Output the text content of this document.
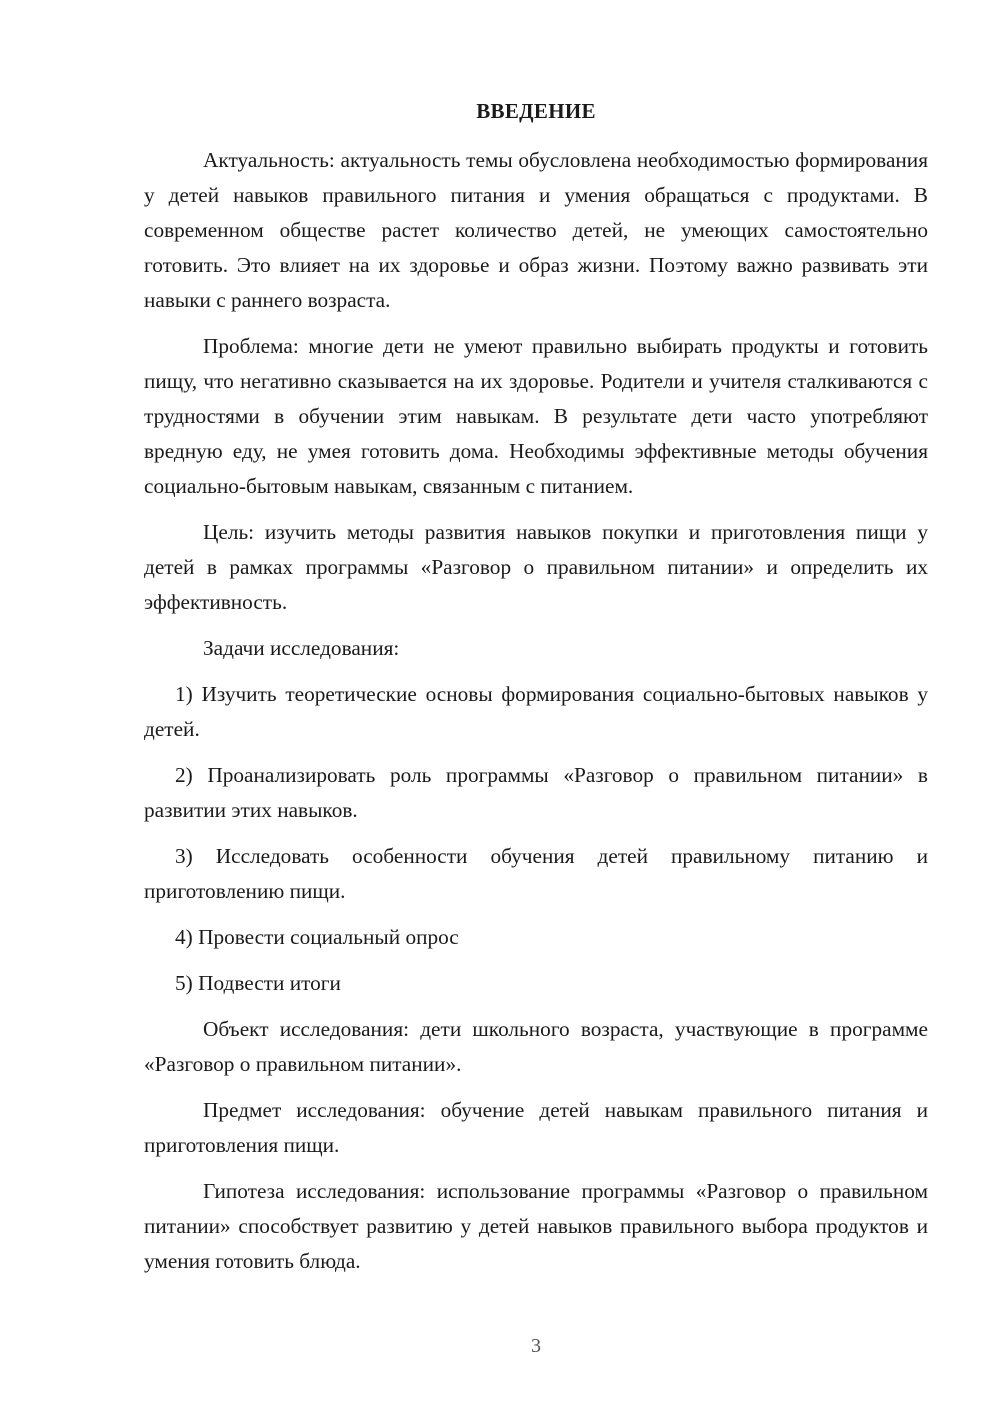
ВВЕДЕНИЕ

Актуальность: актуальность темы обусловлена необходимостью формирования у детей навыков правильного питания и умения обращаться с продуктами. В современном обществе растет количество детей, не умеющих самостоятельно готовить. Это влияет на их здоровье и образ жизни. Поэтому важно развивать эти навыки с раннего возраста.

Проблема: многие дети не умеют правильно выбирать продукты и готовить пищу, что негативно сказывается на их здоровье. Родители и учителя сталкиваются с трудностями в обучении этим навыкам. В результате дети часто употребляют вредную еду, не умея готовить дома. Необходимы эффективные методы обучения социально-бытовым навыкам, связанным с питанием.

Цель: изучить методы развития навыков покупки и приготовления пищи у детей в рамках программы «Разговор о правильном питании» и определить их эффективность.

Задачи исследования:

1) Изучить теоретические основы формирования социально-бытовых навыков у детей.

2) Проанализировать роль программы «Разговор о правильном питании» в развитии этих навыков.

3) Исследовать особенности обучения детей правильному питанию и приготовлению пищи.

4) Провести социальный опрос

5) Подвести итоги

Объект исследования: дети школьного возраста, участвующие в программе «Разговор о правильном питании».

Предмет исследования: обучение детей навыкам правильного питания и приготовления пищи.

Гипотеза исследования: использование программы «Разговор о правильном питании» способствует развитию у детей навыков правильного выбора продуктов и умения готовить блюда.

3
